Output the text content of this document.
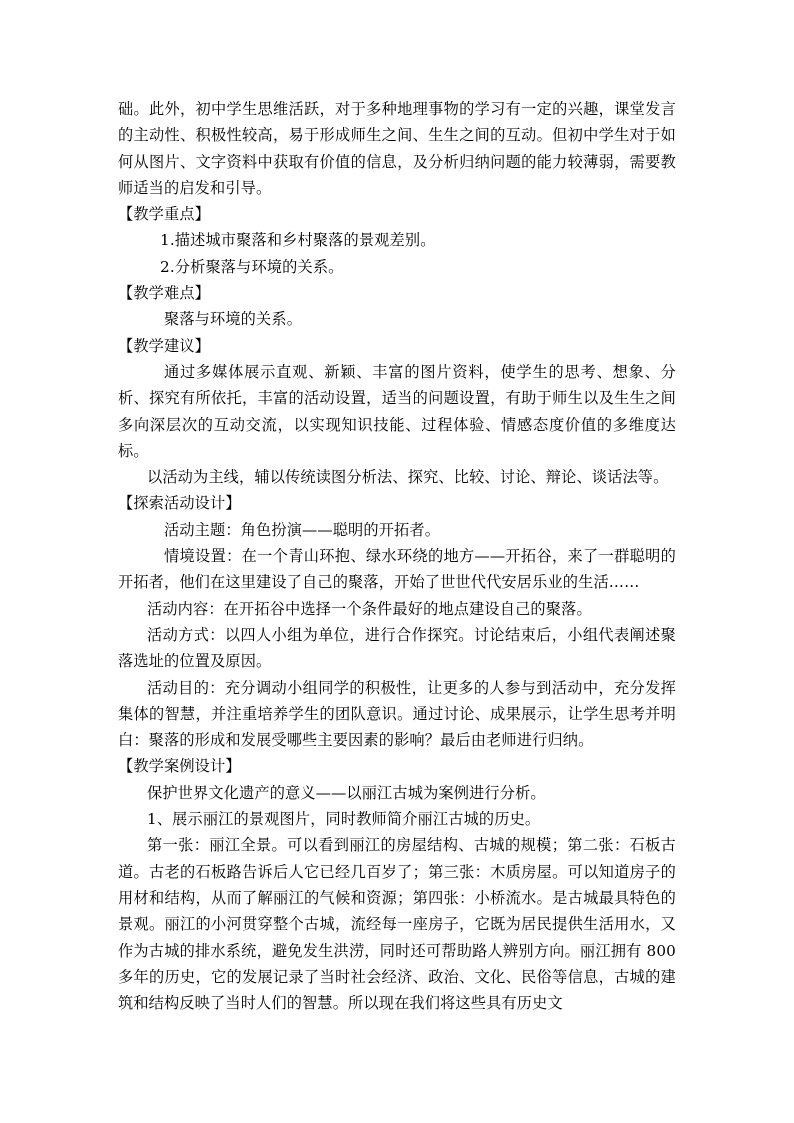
础。此外，初中学生思维活跃，对于多种地理事物的学习有一定的兴趣，课堂发言的主动性、积极性较高，易于形成师生之间、生生之间的互动。但初中学生对于如何从图片、文字资料中获取有价值的信息，及分析归纳问题的能力较薄弱，需要教师适当的启发和引导。

【教学重点】

1.描述城市聚落和乡村聚落的景观差别。

2.分析聚落与环境的关系。

【教学难点】

聚落与环境的关系。

【教学建议】

通过多媒体展示直观、新颖、丰富的图片资料，使学生的思考、想象、分析、探究有所依托，丰富的活动设置，适当的问题设置，有助于师生以及生生之间多向深层次的互动交流，以实现知识技能、过程体验、情感态度价值的多维度达标。

以活动为主线，辅以传统读图分析法、探究、比较、讨论、辩论、谈话法等。

【探索活动设计】

活动主题：角色扮演——聪明的开拓者。

情境设置：在一个青山环抱、绿水环绕的地方——开拓谷，来了一群聪明的开拓者，他们在这里建设了自己的聚落，开始了世世代代安居乐业的生活……

活动内容：在开拓谷中选择一个条件最好的地点建设自己的聚落。

活动方式：以四人小组为单位，进行合作探究。讨论结束后，小组代表阐述聚落选址的位置及原因。

活动目的：充分调动小组同学的积极性，让更多的人参与到活动中，充分发挥集体的智慧，并注重培养学生的团队意识。通过讨论、成果展示，让学生思考并明白：聚落的形成和发展受哪些主要因素的影响？最后由老师进行归纳。

【教学案例设计】

保护世界文化遗产的意义——以丽江古城为案例进行分析。

1、展示丽江的景观图片，同时教师简介丽江古城的历史。

第一张：丽江全景。可以看到丽江的房屋结构、古城的规模；第二张：石板古道。古老的石板路告诉后人它已经几百岁了；第三张：木质房屋。可以知道房子的用材和结构，从而了解丽江的气候和资源；第四张：小桥流水。是古城最具特色的景观。丽江的小河贯穿整个古城，流经每一座房子，它既为居民提供生活用水，又作为古城的排水系统，避免发生洪涝，同时还可帮助路人辨别方向。丽江拥有 800 多年的历史，它的发展记录了当时社会经济、政治、文化、民俗等信息，古城的建筑和结构反映了当时人们的智慧。所以现在我们将这些具有历史文
